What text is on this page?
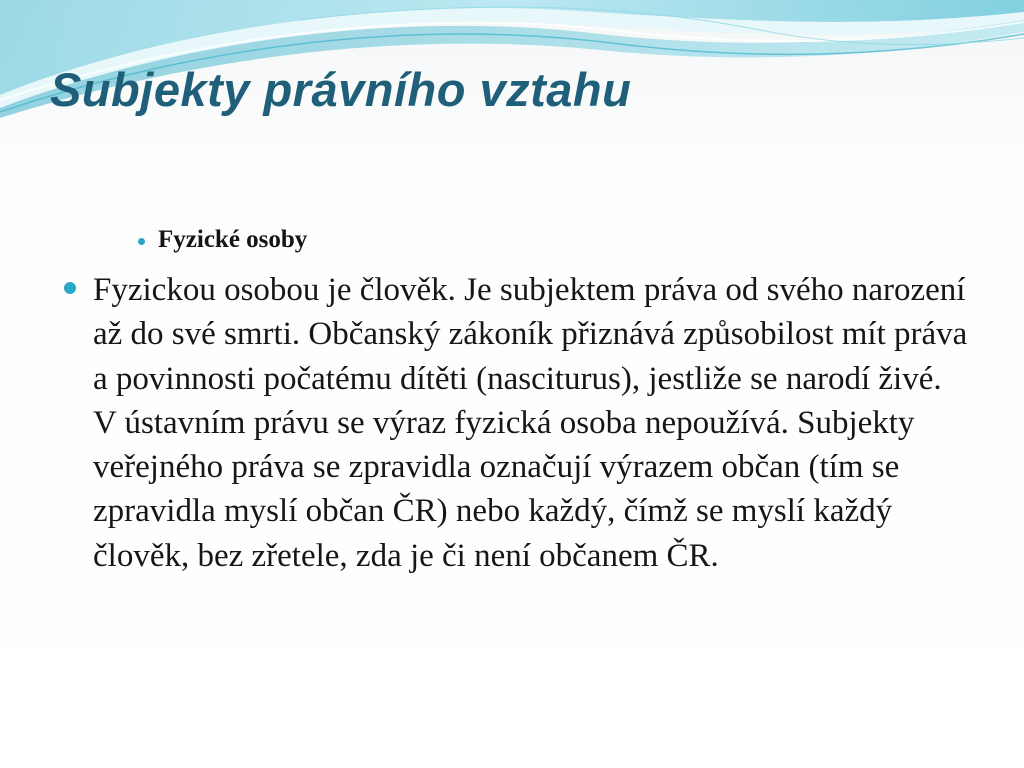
Subjekty právního vztahu
Fyzické osoby

Fyzickou osobou je člověk. Je subjektem práva od svého narození až do své smrti. Občanský zákoník přiznává způsobilost mít práva a povinnosti počatému dítěti (nasciturus), jestliže se narodí živé. V ústavním právu se výraz fyzická osoba nepoužívá. Subjekty veřejného práva se zpravidla označují výrazem občan (tím se zpravidla myslí občan ČR) nebo každý, čímž se myslí každý člověk, bez zřetele, zda je či není občanem ČR.
